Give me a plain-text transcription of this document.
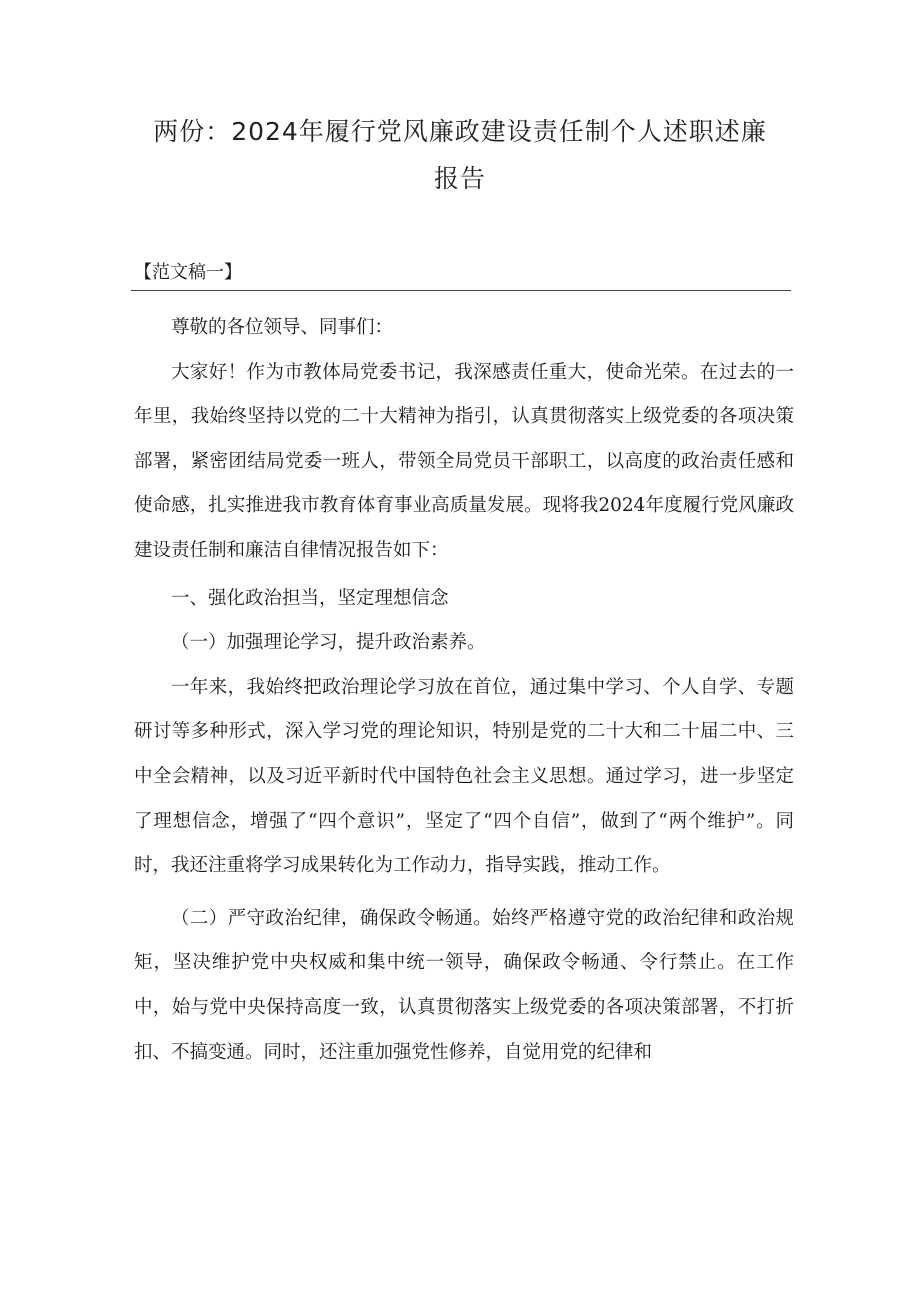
两份：2024年履行党风廉政建设责任制个人述职述廉
报告
【范文稿一】

尊敬的各位领导、同事们：

大家好！作为市教体局党委书记，我深感责任重大，使命光荣。在过去的一年里，我始终坚持以党的二十大精神为指引，认真贯彻落实上级党委的各项决策部署，紧密团结局党委一班人，带领全局党员干部职工，以高度的政治责任感和使命感，扎实推进我市教育体育事业高质量发展。现将我2024年度履行党风廉政建设责任制和廉洁自律情况报告如下：

一、强化政治担当，坚定理想信念

（一）加强理论学习，提升政治素养。

一年来，我始终把政治理论学习放在首位，通过集中学习、个人自学、专题研讨等多种形式，深入学习党的理论知识，特别是党的二十大和二十届二中、三中全会精神，以及习近平新时代中国特色社会主义思想。通过学习，进一步坚定了理想信念，增强了“四个意识”，坚定了“四个自信”，做到了“两个维护”。同时，我还注重将学习成果转化为工作动力，指导实践，推动工作。

（二）严守政治纪律，确保政令畅通。始终严格遵守党的政治纪律和政治规矩，坚决维护党中央权威和集中统一领导，确保政令畅通、令行禁止。在工作中，始与党中央保持高度一致，认真贯彻落实上级党委的各项决策部署，不打折扣、不搞变通。同时，还注重加强党性修养，自觉用党的纪律和
